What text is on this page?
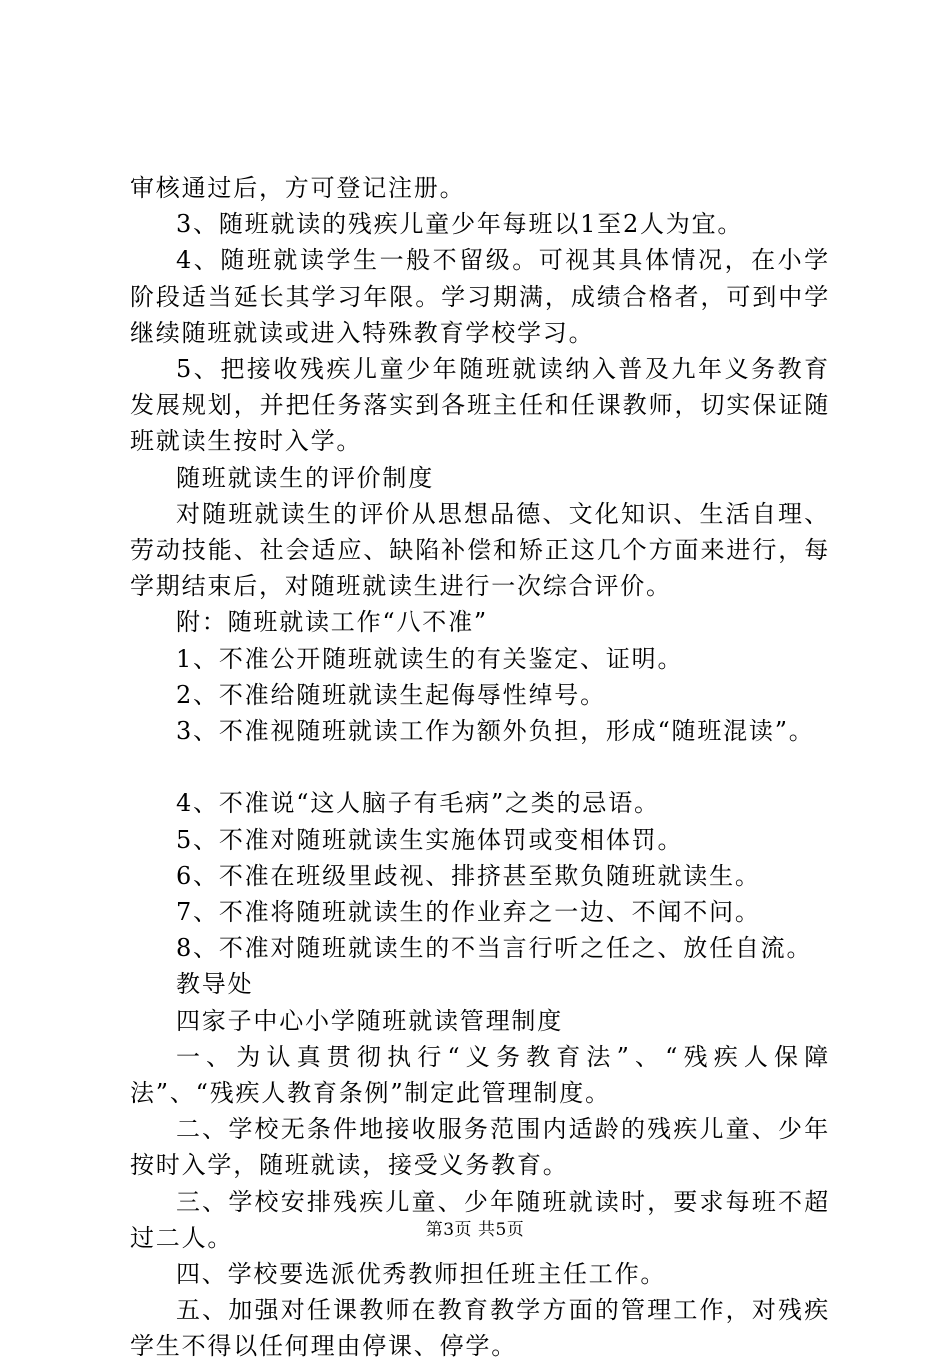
审核通过后，方可登记注册。

3、随班就读的残疾儿童少年每班以1至2人为宜。

4、随班就读学生一般不留级。可视其具体情况，在小学阶段适当延长其学习年限。学习期满，成绩合格者，可到中学继续随班就读或进入特殊教育学校学习。

5、把接收残疾儿童少年随班就读纳入普及九年义务教育发展规划，并把任务落实到各班主任和任课教师，切实保证随班就读生按时入学。

随班就读生的评价制度

对随班就读生的评价从思想品德、文化知识、生活自理、劳动技能、社会适应、缺陷补偿和矫正这几个方面来进行，每学期结束后，对随班就读生进行一次综合评价。

附：随班就读工作“八不准”

1、不准公开随班就读生的有关鉴定、证明。

2、不准给随班就读生起侮辱性绰号。

3、不准视随班就读工作为额外负担，形成“随班混读”。

4、不准说“这人脑子有毛病”之类的忌语。

5、不准对随班就读生实施体罚或变相体罚。

6、不准在班级里歧视、排挤甚至欺负随班就读生。

7、不准将随班就读生的作业弃之一边、不闻不问。

8、不准对随班就读生的不当言行听之任之、放任自流。

教导处

四家子中心小学随班就读管理制度

一、为认真贯彻执行“义务教育法”、“残疾人保障法”、“残疾人教育条例”制定此管理制度。

二、学校无条件地接收服务范围内适龄的残疾儿童、少年按时入学，随班就读，接受义务教育。

三、学校安排残疾儿童、少年随班就读时，要求每班不超过二人。

四、学校要选派优秀教师担任班主任工作。

五、加强对任课教师在教育教学方面的管理工作，对残疾学生不得以任何理由停课、停学。

第3页 共5页
